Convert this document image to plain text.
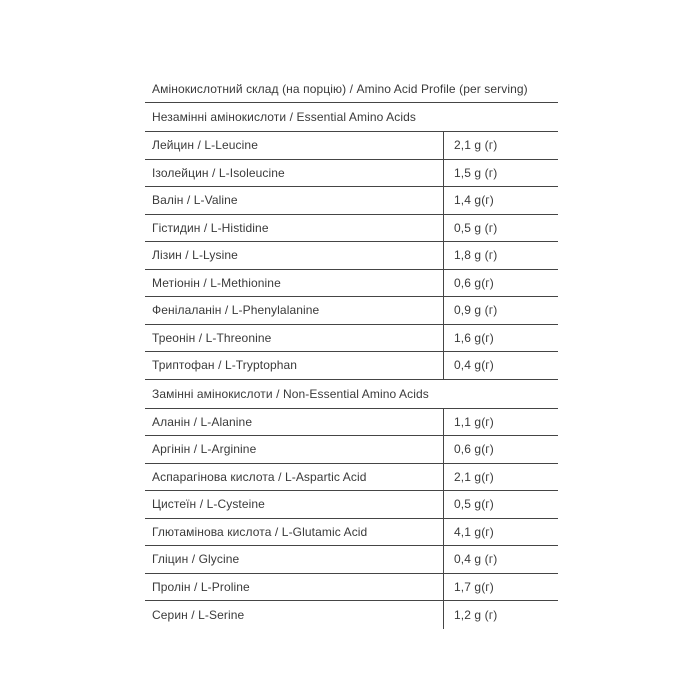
Амінокислотний склад (на порцію) / Amino Acid Profile (per serving)
Незамінні амінокислоти / Essential Amino Acids
Лейцин / L-Leucine	2,1 g (г)
Ізолейцин / L-Isoleucine	1,5 g (г)
Валін / L-Valine	1,4 g(г)
Гістидин / L-Histidine	0,5 g (г)
Лізин / L-Lysine	1,8 g (г)
Метіонін / L-Methionine	0,6 g(г)
Фенілаланін / L-Phenylalanine	0,9 g (г)
Треонін / L-Threonine	1,6 g(г)
Триптофан / L-Tryptophan	0,4 g(г)
Замінні амінокислоти / Non-Essential Amino Acids
Аланін / L-Alanine	1,1 g(г)
Аргінін / L-Arginine	0,6 g(г)
Аспарагінова кислота / L-Aspartic Acid	2,1 g(г)
Цистеїн / L-Cysteine	0,5 g(г)
Глютамінова кислота / L-Glutamic Acid	4,1 g(г)
Гліцин / Glycine	0,4 g (г)
Пролін / L-Proline	1,7 g(г)
Серин / L-Serine	1,2 g (г)
